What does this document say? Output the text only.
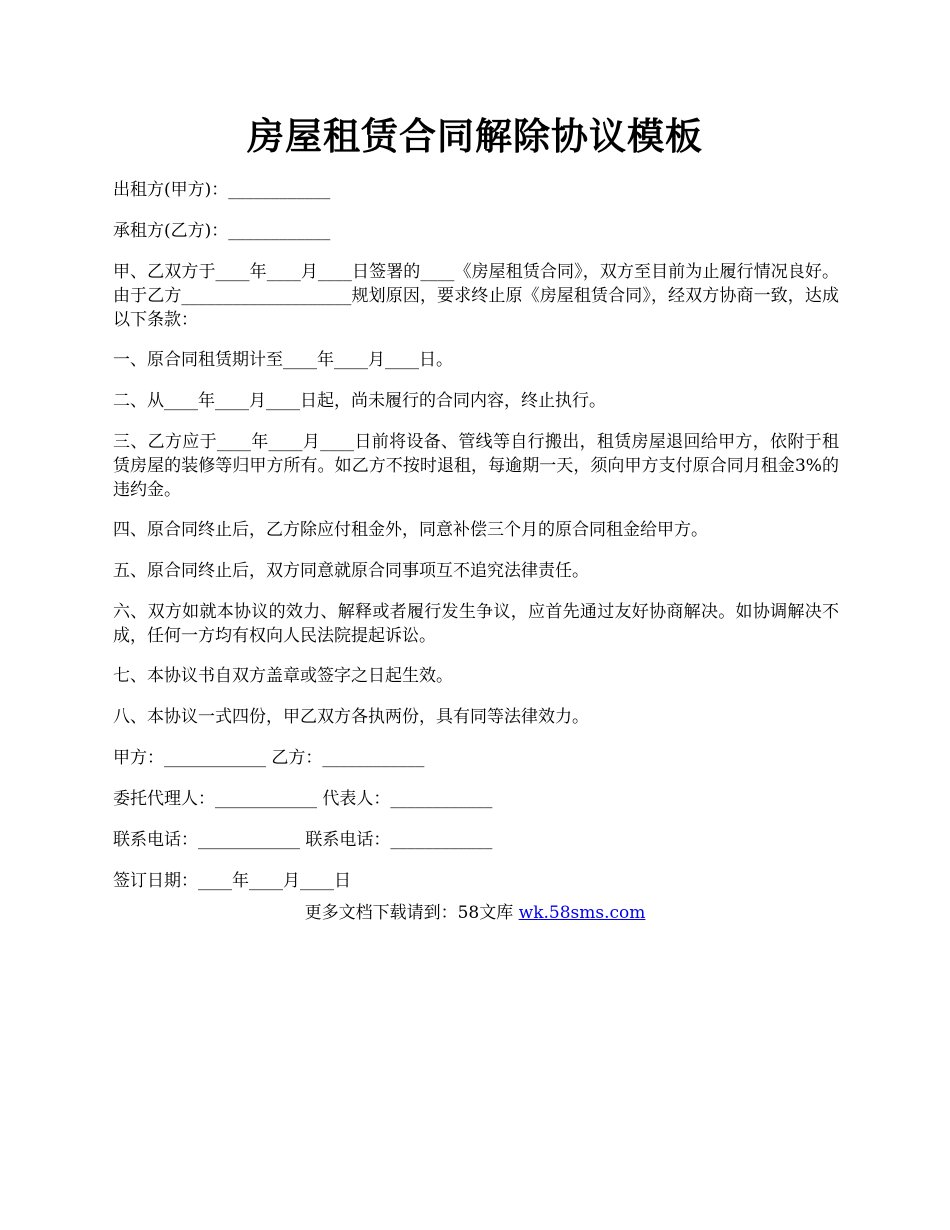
房屋租赁合同解除协议模板

出租方(甲方)：____________

承租方(乙方)：____________

甲、乙双方于____年____月____日签署的____《房屋租赁合同》，双方至目前为止履行情况良好。由于乙方____________________规划原因，要求终止原《房屋租赁合同》，经双方协商一致，达成以下条款：

一、原合同租赁期计至____年____月____日。

二、从____年____月____日起，尚未履行的合同内容，终止执行。

三、乙方应于____年____月____日前将设备、管线等自行搬出，租赁房屋退回给甲方，依附于租赁房屋的装修等归甲方所有。如乙方不按时退租，每逾期一天，须向甲方支付原合同月租金3%的违约金。

四、原合同终止后，乙方除应付租金外，同意补偿三个月的原合同租金给甲方。

五、原合同终止后，双方同意就原合同事项互不追究法律责任。

六、双方如就本协议的效力、解释或者履行发生争议，应首先通过友好协商解决。如协调解决不成，任何一方均有权向人民法院提起诉讼。

七、本协议书自双方盖章或签字之日起生效。

八、本协议一式四份，甲乙双方各执两份，具有同等法律效力。

甲方：____________ 乙方：____________

委托代理人：____________ 代表人：____________

联系电话：____________ 联系电话：____________

签订日期：____年____月____日

更多文档下载请到：58文库 wk.58sms.com
